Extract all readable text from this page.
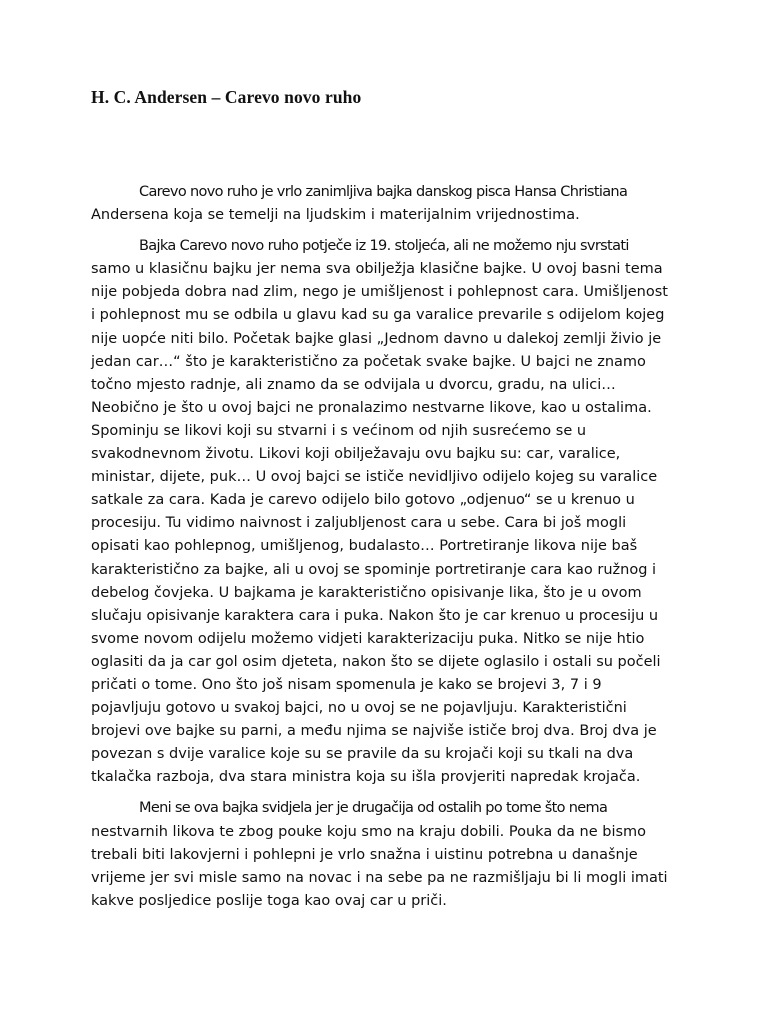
H. C. Andersen – Carevo novo ruho

Carevo novo ruho je vrlo zanimljiva bajka danskog pisca Hansa Christiana
Andersena koja se temelji na ljudskim i materijalnim vrijednostima.

Bajka Carevo novo ruho potječe iz 19. stoljeća, ali ne možemo nju svrstati
samo u klasičnu bajku jer nema sva obilježja klasične bajke. U ovoj basni tema
nije pobjeda dobra nad zlim, nego je umišljenost i pohlepnost cara. Umišljenost
i pohlepnost mu se odbila u glavu kad su ga varalice prevarile s odijelom kojeg
nije uopće niti bilo. Početak bajke glasi „Jednom davno u dalekoj zemlji živio je
jedan car…“ što je karakteristično za početak svake bajke. U bajci ne znamo
točno mjesto radnje, ali znamo da se odvijala u dvorcu, gradu, na ulici…
Neobično je što u ovoj bajci ne pronalazimo nestvarne likove, kao u ostalima.
Spominju se likovi koji su stvarni i s većinom od njih susrećemo se u
svakodnevnom životu. Likovi koji obilježavaju ovu bajku su: car, varalice,
ministar, dijete, puk… U ovoj bajci se ističe nevidljivo odijelo kojeg su varalice
satkale za cara. Kada je carevo odijelo bilo gotovo „odjenuo“ se u krenuo u
procesiju. Tu vidimo naivnost i zaljubljenost cara u sebe. Cara bi još mogli
opisati kao pohlepnog, umišljenog, budalasto… Portretiranje likova nije baš
karakteristično za bajke, ali u ovoj se spominje portretiranje cara kao ružnog i
debelog čovjeka. U bajkama je karakteristično opisivanje lika, što je u ovom
slučaju opisivanje karaktera cara i puka. Nakon što je car krenuo u procesiju u
svome novom odijelu možemo vidjeti karakterizaciju puka. Nitko se nije htio
oglasiti da ja car gol osim djeteta, nakon što se dijete oglasilo i ostali su počeli
pričati o tome. Ono što još nisam spomenula je kako se brojevi 3, 7 i 9
pojavljuju gotovo u svakoj bajci, no u ovoj se ne pojavljuju. Karakteristični
brojevi ove bajke su parni, a među njima se najviše ističe broj dva. Broj dva je
povezan s dvije varalice koje su se pravile da su krojači koji su tkali na dva
tkalačka razboja, dva stara ministra koja su išla provjeriti napredak krojača.

Meni se ova bajka svidjela jer je drugačija od ostalih po tome što nema
nestvarnih likova te zbog pouke koju smo na kraju dobili. Pouka da ne bismo
trebali biti lakovjerni i pohlepni je vrlo snažna i uistinu potrebna u današnje
vrijeme jer svi misle samo na novac i na sebe pa ne razmišljaju bi li mogli imati
kakve posljedice poslije toga kao ovaj car u priči.
